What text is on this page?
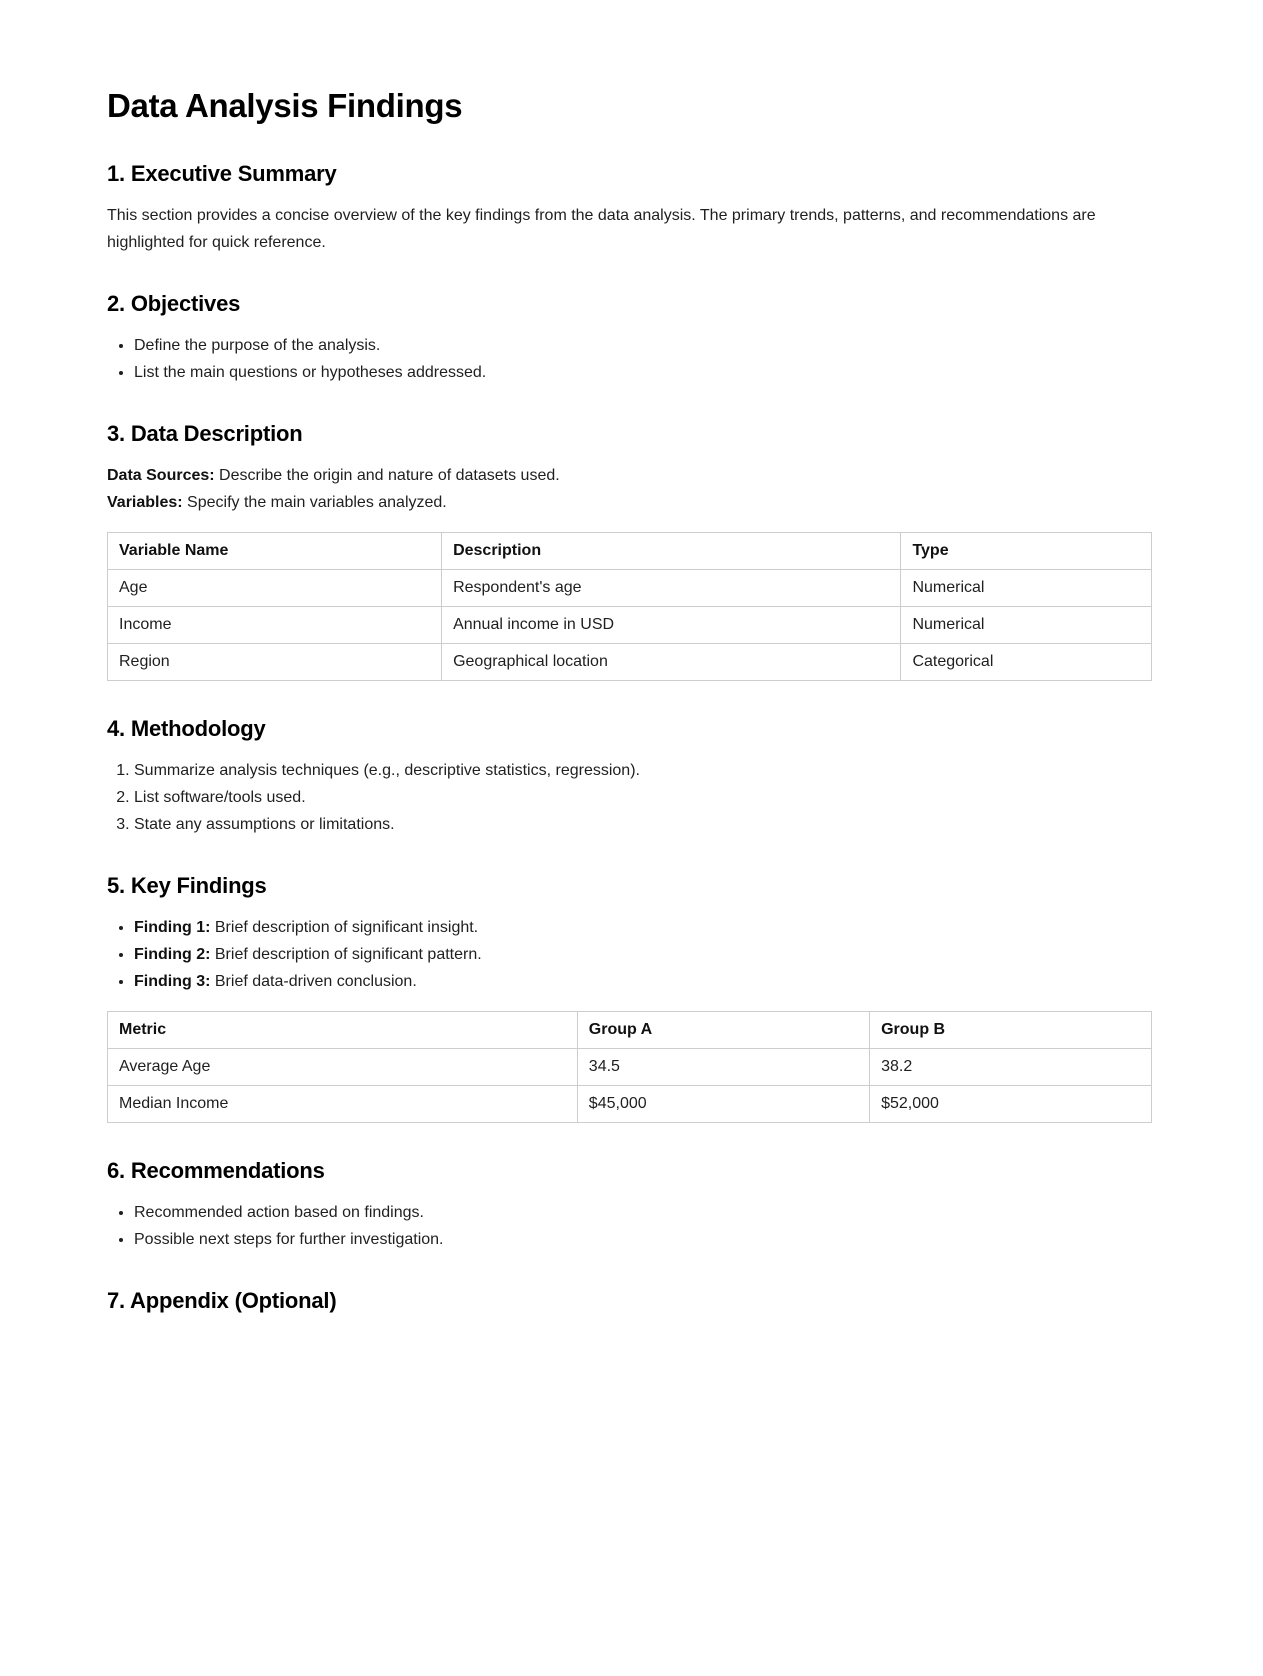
Data Analysis Findings
1. Executive Summary

This section provides a concise overview of the key findings from the data analysis. The primary trends, patterns, and recommendations are highlighted for quick reference.

2. Objectives
• Define the purpose of the analysis.
• List the main questions or hypotheses addressed.
3. Data Description

Data Sources: Describe the origin and nature of datasets used.
Variables: Specify the main variables analyzed.

Variable Name	Description	Type
Age	Respondent's age	Numerical
Income	Annual income in USD	Numerical
Region	Geographical location	Categorical
4. Methodology
1. Summarize analysis techniques (e.g., descriptive statistics, regression).
2. List software/tools used.
3. State any assumptions or limitations.
5. Key Findings
• Finding 1: Brief description of significant insight.
• Finding 2: Brief description of significant pattern.
• Finding 3: Brief data-driven conclusion.
Metric	Group A	Group B
Average Age	34.5	38.2
Median Income	$45,000	$52,000
6. Recommendations
• Recommended action based on findings.
• Possible next steps for further investigation.
7. Appendix (Optional)
